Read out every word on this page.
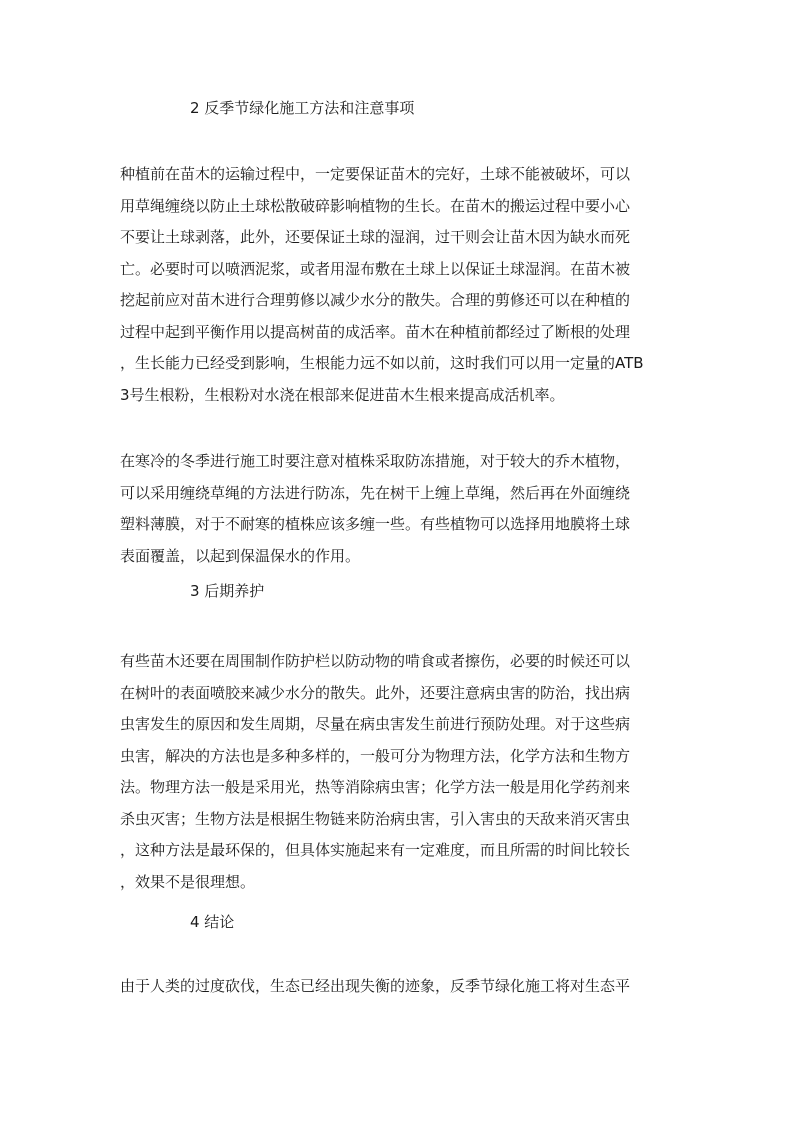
2 反季节绿化施工方法和注意事项
种植前在苗木的运输过程中，一定要保证苗木的完好，土球不能被破坏，可以
用草绳缠绕以防止土球松散破碎影响植物的生长。在苗木的搬运过程中要小心
不要让土球剥落，此外，还要保证土球的湿润，过干则会让苗木因为缺水而死
亡。必要时可以喷洒泥浆，或者用湿布敷在土球上以保证土球湿润。在苗木被
挖起前应对苗木进行合理剪修以减少水分的散失。合理的剪修还可以在种植的
过程中起到平衡作用以提高树苗的成活率。苗木在种植前都经过了断根的处理
，生长能力已经受到影响，生根能力远不如以前，这时我们可以用一定量的ATB
3号生根粉，生根粉对水浇在根部来促进苗木生根来提高成活机率。
在寒冷的冬季进行施工时要注意对植株采取防冻措施，对于较大的乔木植物，
可以采用缠绕草绳的方法进行防冻，先在树干上缠上草绳，然后再在外面缠绕
塑料薄膜，对于不耐寒的植株应该多缠一些。有些植物可以选择用地膜将土球
表面覆盖，以起到保温保水的作用。
3 后期养护
有些苗木还要在周围制作防护栏以防动物的啃食或者擦伤，必要的时候还可以
在树叶的表面喷胶来减少水分的散失。此外，还要注意病虫害的防治，找出病
虫害发生的原因和发生周期，尽量在病虫害发生前进行预防处理。对于这些病
虫害，解决的方法也是多种多样的，一般可分为物理方法，化学方法和生物方
法。物理方法一般是采用光，热等消除病虫害；化学方法一般是用化学药剂来
杀虫灭害；生物方法是根据生物链来防治病虫害，引入害虫的天敌来消灭害虫
，这种方法是最环保的，但具体实施起来有一定难度，而且所需的时间比较长
，效果不是很理想。
4 结论
由于人类的过度砍伐，生态已经出现失衡的迹象，反季节绿化施工将对生态平
